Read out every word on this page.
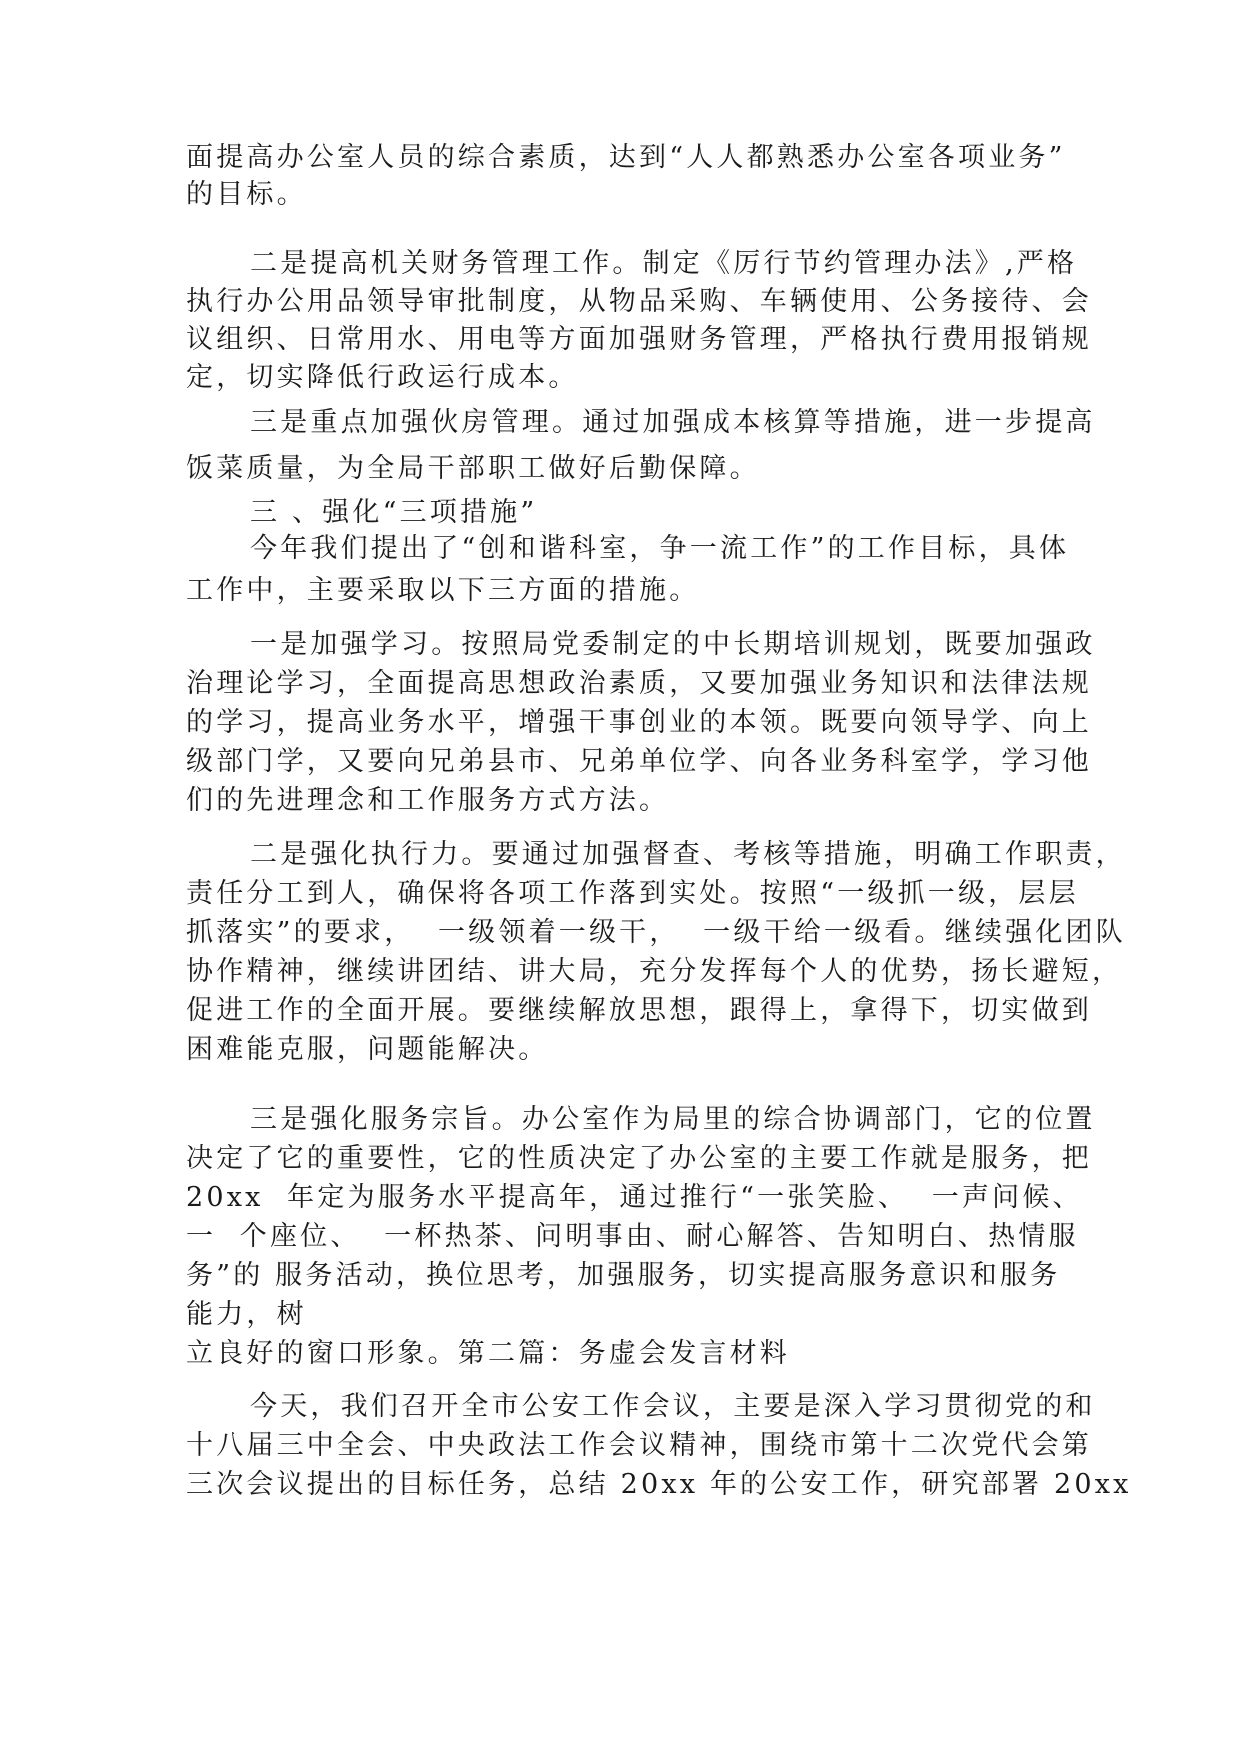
面提高办公室人员的综合素质，达到“人人都熟悉办公室各项业务”
的目标。
二是提高机关财务管理工作。制定《厉行节约管理办法》,严格
执行办公用品领导审批制度，从物品采购、车辆使用、公务接待、会
议组织、日常用水、用电等方面加强财务管理，严格执行费用报销规
定，切实降低行政运行成本。
三是重点加强伙房管理。通过加强成本核算等措施，进一步提高
饭菜质量，为全局干部职工做好后勤保障。
三 、强化“三项措施”
今年我们提出了“创和谐科室，争一流工作”的工作目标，具体
工作中，主要采取以下三方面的措施。
一是加强学习。按照局党委制定的中长期培训规划，既要加强政
治理论学习，全面提高思想政治素质，又要加强业务知识和法律法规
的学习，提高业务水平，增强干事创业的本领。既要向领导学、向上
级部门学，又要向兄弟县市、兄弟单位学、向各业务科室学，学习他
们的先进理念和工作服务方式方法。
二是强化执行力。要通过加强督查、考核等措施，明确工作职责，
责任分工到人，确保将各项工作落到实处。按照“一级抓一级，层层
抓落实”的要求，  一级领着一级干，  一级干给一级看。继续强化团队
协作精神，继续讲团结、讲大局，充分发挥每个人的优势，扬长避短，
促进工作的全面开展。要继续解放思想，跟得上，拿得下，切实做到
困难能克服，问题能解决。
三是强化服务宗旨。办公室作为局里的综合协调部门，它的位置
决定了它的重要性，它的性质决定了办公室的主要工作就是服务，把
20xx  年定为服务水平提高年，通过推行“一张笑脸、  一声问候、
一  个座位、  一杯热茶、问明事由、耐心解答、告知明白、热情服
务”的 服务活动，换位思考，加强服务，切实提高服务意识和服务
能力，树
立良好的窗口形象。第二篇：务虚会发言材料
今天，我们召开全市公安工作会议，主要是深入学习贯彻党的和
十八届三中全会、中央政法工作会议精神，围绕市第十二次党代会第
三次会议提出的目标任务，总结 20xx 年的公安工作，研究部署 20xx
